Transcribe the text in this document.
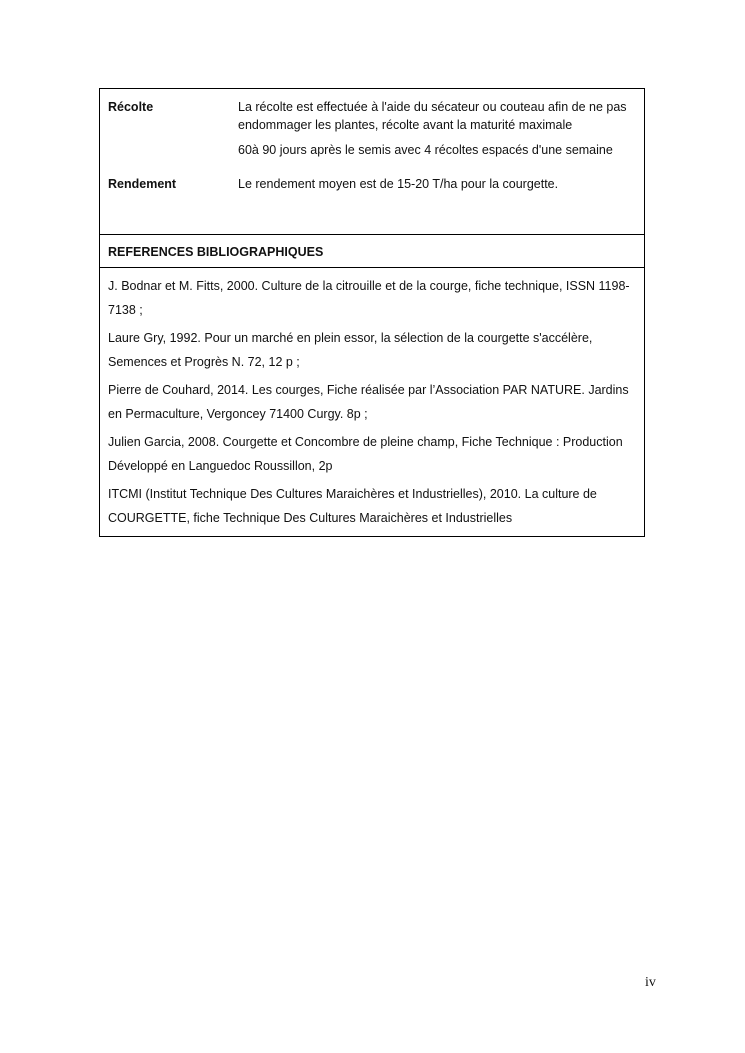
Récolte	La récolte est effectuée à l'aide du sécateur ou couteau afin de ne pas endommager les plantes, récolte avant la maturité maximale
60à 90 jours après le semis avec 4 récoltes espacés d'une semaine
Rendement	Le rendement moyen est de 15-20 T/ha pour la courgette.
REFERENCES BIBLIOGRAPHIQUES
J. Bodnar et M. Fitts, 2000. Culture de la citrouille et de la courge, fiche technique, ISSN 1198-7138 ;
Laure Gry, 1992. Pour un marché en plein essor, la sélection de la courgette s'accélère, Semences et Progrès N. 72, 12 p ;
Pierre de Couhard, 2014. Les courges, Fiche réalisée par l’Association PAR NATURE. Jardins en Permaculture, Vergoncey 71400 Curgy. 8p ;
Julien Garcia, 2008. Courgette et Concombre de pleine champ, Fiche Technique : Production Développé en Languedoc Roussillon, 2p
ITCMI (Institut Technique Des Cultures Maraichères et Industrielles), 2010. La culture de COURGETTE, fiche Technique Des Cultures Maraichères et Industrielles
iv
